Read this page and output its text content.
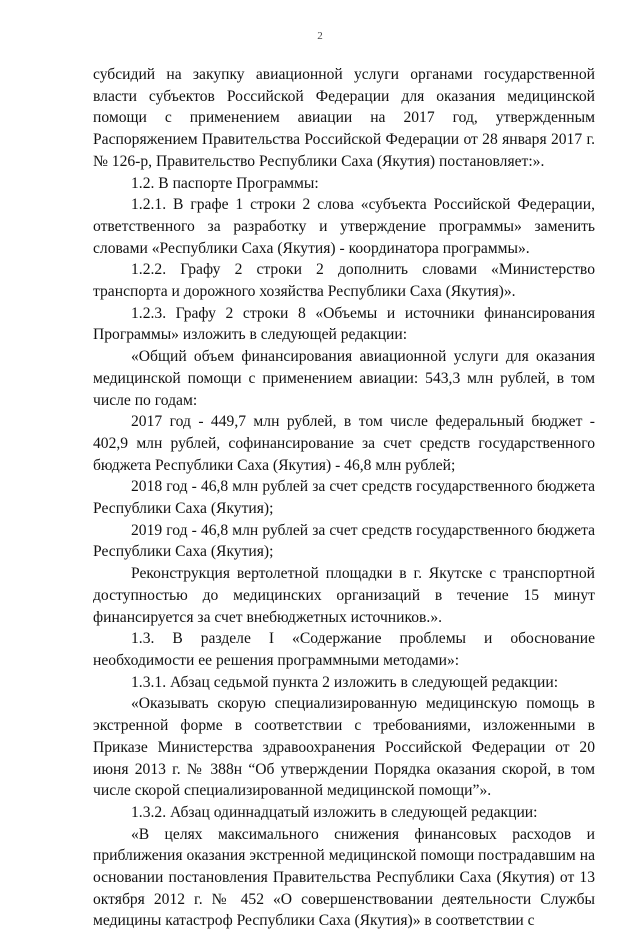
2

субсидий на закупку авиационной услуги органами государственной власти субъектов Российской Федерации для оказания медицинской помощи с применением авиации на 2017 год, утвержденным Распоряжением Правительства Российской Федерации от 28 января 2017 г. № 126-р, Правительство Республики Саха (Якутия) постановляет:».

1.2. В паспорте Программы:

1.2.1. В графе 1 строки 2 слова «субъекта Российской Федерации, ответственного за разработку и утверждение программы» заменить словами «Республики Саха (Якутия) - координатора программы».

1.2.2. Графу 2 строки 2 дополнить словами «Министерство транспорта и дорожного хозяйства Республики Саха (Якутия)».

1.2.3. Графу 2 строки 8 «Объемы и источники финансирования Программы» изложить в следующей редакции:

«Общий объем финансирования авиационной услуги для оказания медицинской помощи с применением авиации: 543,3 млн рублей, в том числе по годам:

2017 год - 449,7 млн рублей, в том числе федеральный бюджет - 402,9 млн рублей, софинансирование за счет средств государственного бюджета Республики Саха (Якутия) - 46,8 млн рублей;

2018 год - 46,8 млн рублей за счет средств государственного бюджета Республики Саха (Якутия);

2019 год - 46,8 млн рублей за счет средств государственного бюджета Республики Саха (Якутия);

Реконструкция вертолетной площадки в г. Якутске с транспортной доступностью до медицинских организаций в течение 15 минут финансируется за счет внебюджетных источников.».

1.3. В разделе I «Содержание проблемы и обоснование необходимости ее решения программными методами»:

1.3.1. Абзац седьмой пункта 2 изложить в следующей редакции:

«Оказывать скорую специализированную медицинскую помощь в экстренной форме в соответствии с требованиями, изложенными в Приказе Министерства здравоохранения Российской Федерации от 20 июня 2013 г. № 388н “Об утверждении Порядка оказания скорой, в том числе скорой специализированной медицинской помощи”».

1.3.2. Абзац одиннадцатый изложить в следующей редакции:

«В целях максимального снижения финансовых расходов и приближения оказания экстренной медицинской помощи пострадавшим на основании постановления Правительства Республики Саха (Якутия) от 13 октября 2012 г. № 452 «О совершенствовании деятельности Службы медицины катастроф Республики Саха (Якутия)» в соответствии с
